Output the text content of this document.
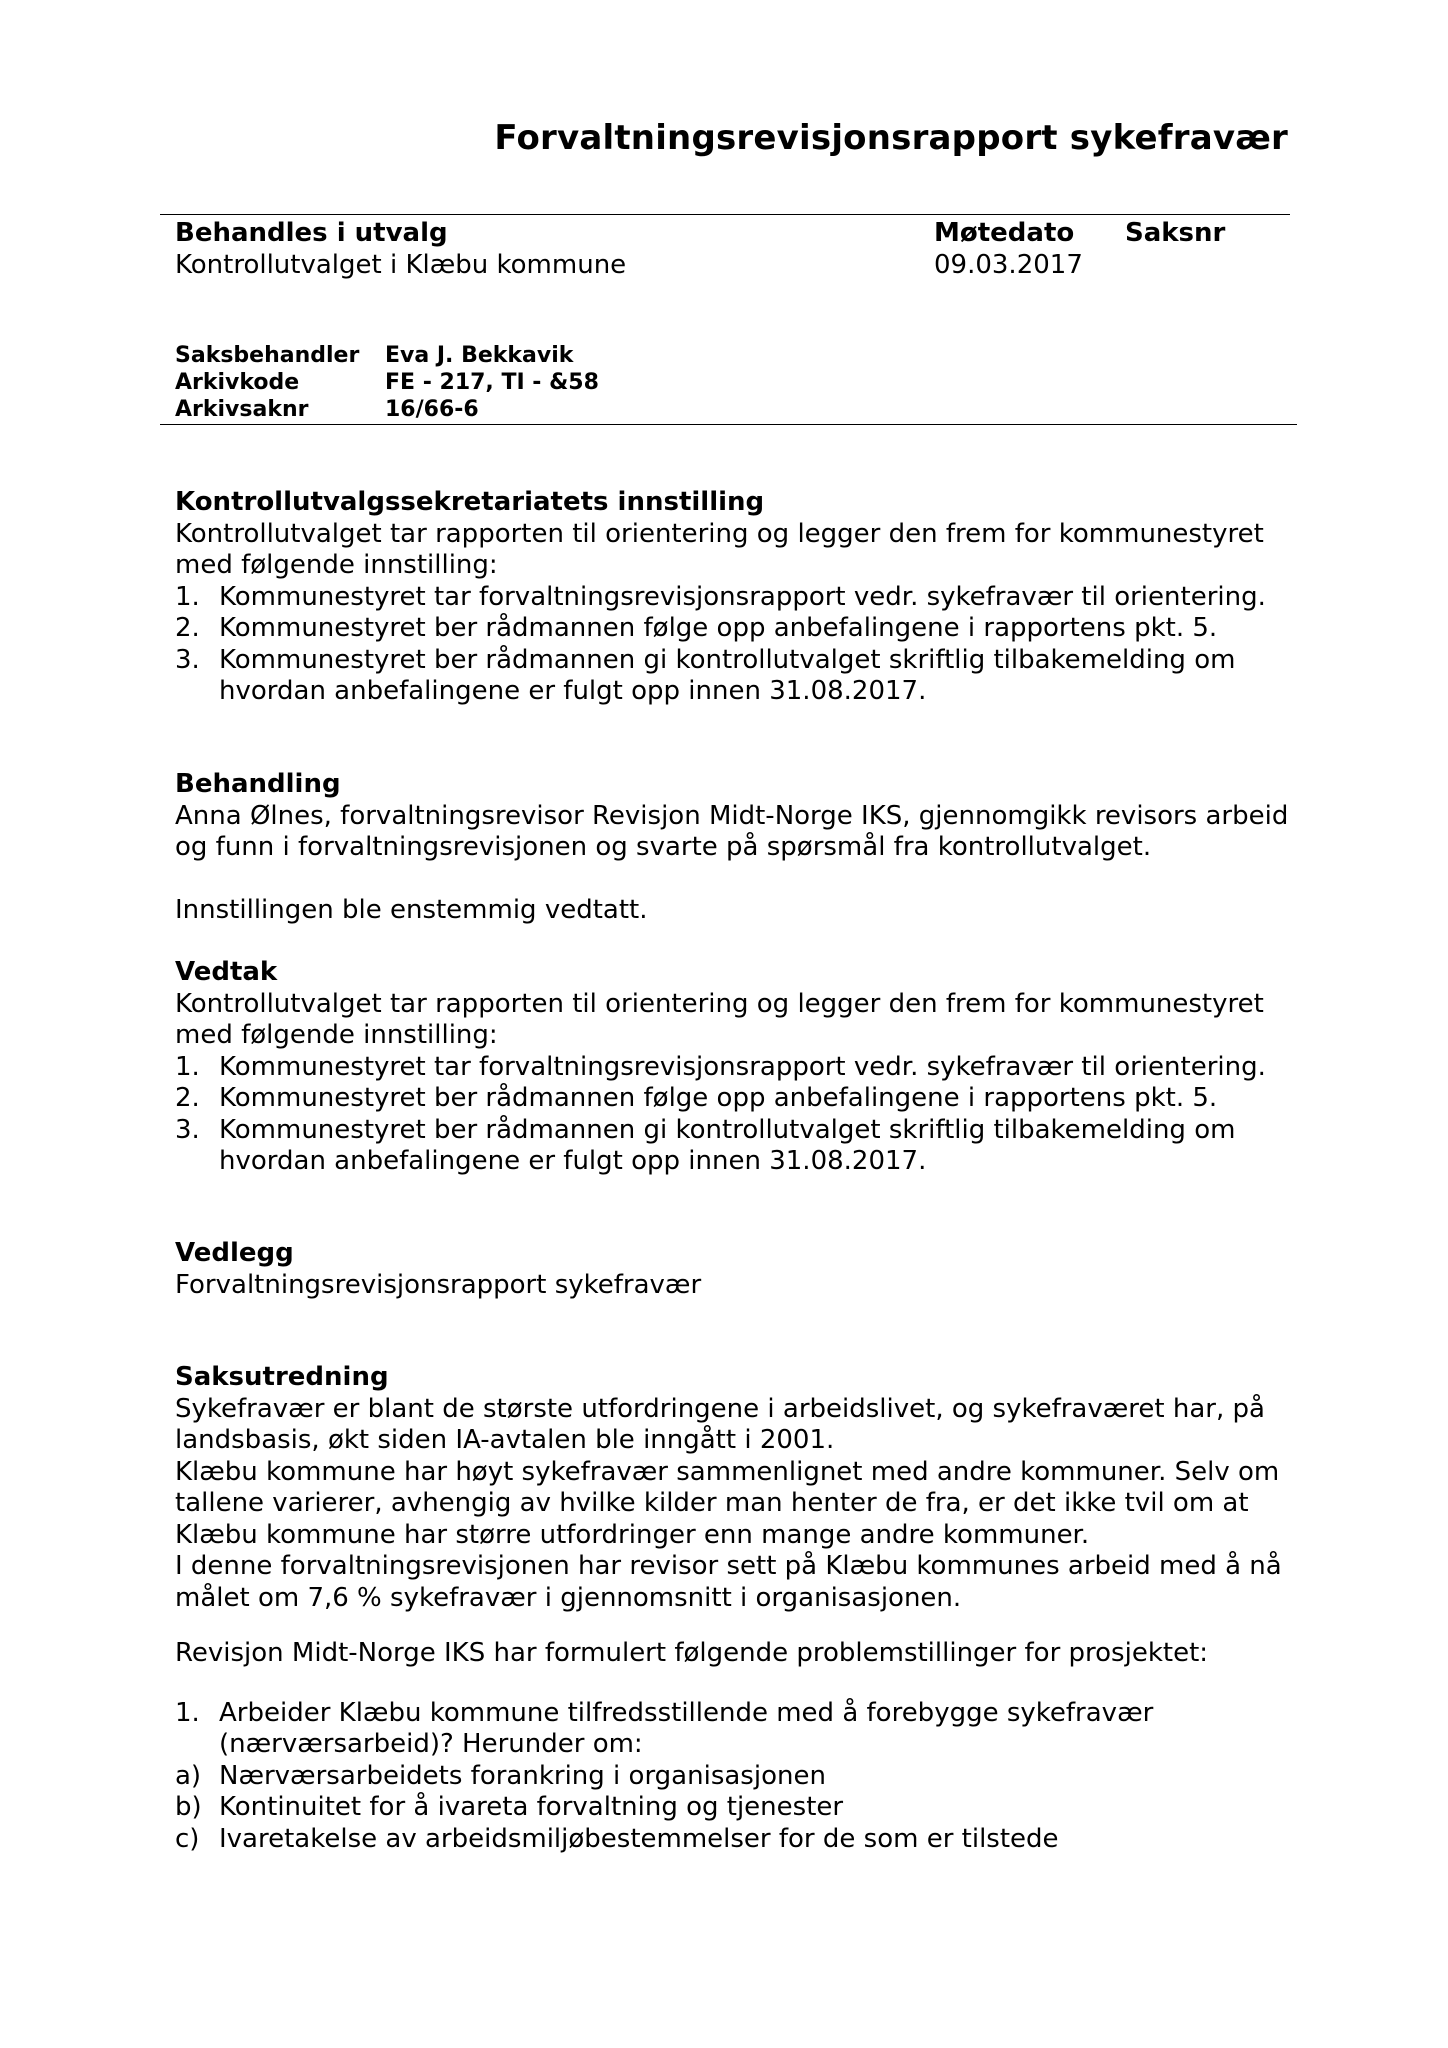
Forvaltningsrevisjonsrapport sykefravær
Behandles i utvalg	Møtedato Saksnr
Kontrollutvalget i Klæbu kommune	09.03.2017
Saksbehandler	Eva J. Bekkavik
Arkivkode	FE - 217, TI - &58
Arkivsaknr	16/66-6
Kontrollutvalgssekretariatets innstilling

Kontrollutvalget tar rapporten til orientering og legger den frem for kommunestyret med følgende innstilling:

1. Kommunestyret tar forvaltningsrevisjonsrapport vedr. sykefravær til orientering.
2. Kommunestyret ber rådmannen følge opp anbefalingene i rapportens pkt. 5.
3. Kommunestyret ber rådmannen gi kontrollutvalget skriftlig tilbakemelding om hvordan anbefalingene er fulgt opp innen 31.08.2017.
Behandling

Anna Ølnes, forvaltningsrevisor Revisjon Midt-Norge IKS, gjennomgikk revisors arbeid og funn i forvaltningsrevisjonen og svarte på spørsmål fra kontrollutvalget.

Innstillingen ble enstemmig vedtatt.

Vedtak

Kontrollutvalget tar rapporten til orientering og legger den frem for kommunestyret med følgende innstilling:

1. Kommunestyret tar forvaltningsrevisjonsrapport vedr. sykefravær til orientering.
2. Kommunestyret ber rådmannen følge opp anbefalingene i rapportens pkt. 5.
3. Kommunestyret ber rådmannen gi kontrollutvalget skriftlig tilbakemelding om hvordan anbefalingene er fulgt opp innen 31.08.2017.
Vedlegg

Forvaltningsrevisjonsrapport sykefravær

Saksutredning

Sykefravær er blant de største utfordringene i arbeidslivet, og sykefraværet har, på landsbasis, økt siden IA-avtalen ble inngått i 2001.

Klæbu kommune har høyt sykefravær sammenlignet med andre kommuner. Selv om tallene varierer, avhengig av hvilke kilder man henter de fra, er det ikke tvil om at Klæbu kommune har større utfordringer enn mange andre kommuner.

I denne forvaltningsrevisjonen har revisor sett på Klæbu kommunes arbeid med å nå målet om 7,6 % sykefravær i gjennomsnitt i organisasjonen.

Revisjon Midt-Norge IKS har formulert følgende problemstillinger for prosjektet:

1. Arbeider Klæbu kommune tilfredsstillende med å forebygge sykefravær (nærværsarbeid)? Herunder om:
a) Nærværsarbeidets forankring i organisasjonen
b) Kontinuitet for å ivareta forvaltning og tjenester
c) Ivaretakelse av arbeidsmiljøbestemmelser for de som er tilstede
